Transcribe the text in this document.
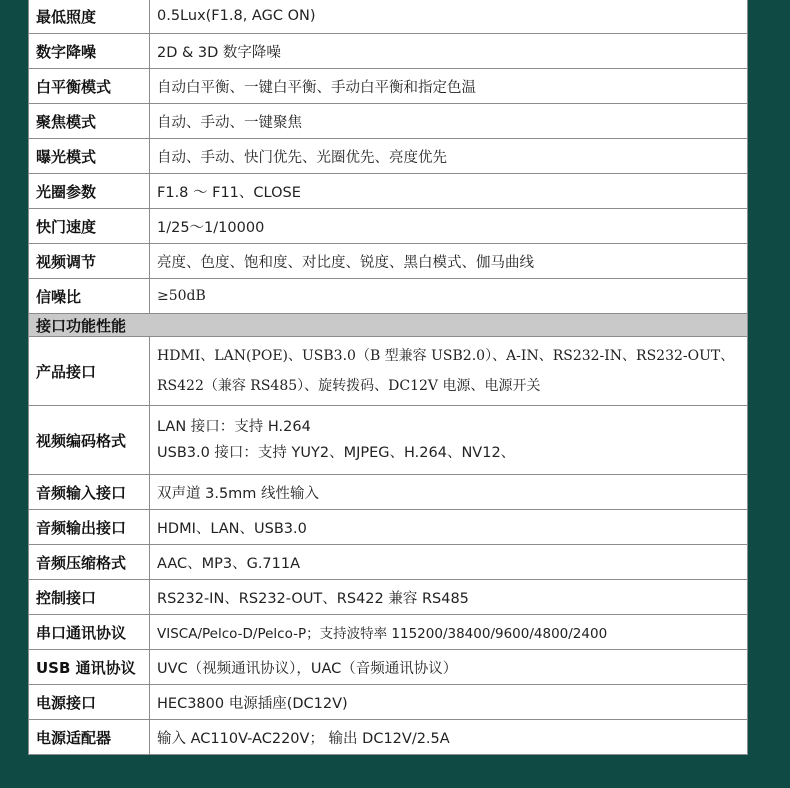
最低照度	0.5Lux(F1.8, AGC ON)
数字降噪	2D & 3D 数字降噪
白平衡模式	自动白平衡、一键白平衡、手动白平衡和指定色温
聚焦模式	自动、手动、一键聚焦
曝光模式	自动、手动、快门优先、光圈优先、亮度优先
光圈参数	F1.8 ～ F11、CLOSE
快门速度	1/25～1/10000
视频调节	亮度、色度、饱和度、对比度、锐度、黑白模式、伽马曲线
信噪比	≥50dB
接口功能性能	
产品接口	HDMI、LAN(POE)、USB3.0（B 型兼容 USB2.0）、A-IN、RS232-IN、RS232-OUT、
RS422（兼容 RS485）、旋转拨码、DC12V 电源、电源开关

视频编码格式	LAN 接口：支持 H.264
USB3.0 接口：支持 YUY2、MJPEG、H.264、NV12、

音频输入接口	双声道 3.5mm 线性输入
音频输出接口	HDMI、LAN、USB3.0
音频压缩格式	AAC、MP3、G.711A
控制接口	RS232-IN、RS232-OUT、RS422 兼容 RS485
串口通讯协议	VISCA/Pelco-D/Pelco-P；支持波特率 115200/38400/9600/4800/2400
USB 通讯协议	UVC（视频通讯协议），UAC（音频通讯协议）
电源接口	HEC3800 电源插座(DC12V)
电源适配器	输入 AC110V-AC220V； 输出 DC12V/2.5A
